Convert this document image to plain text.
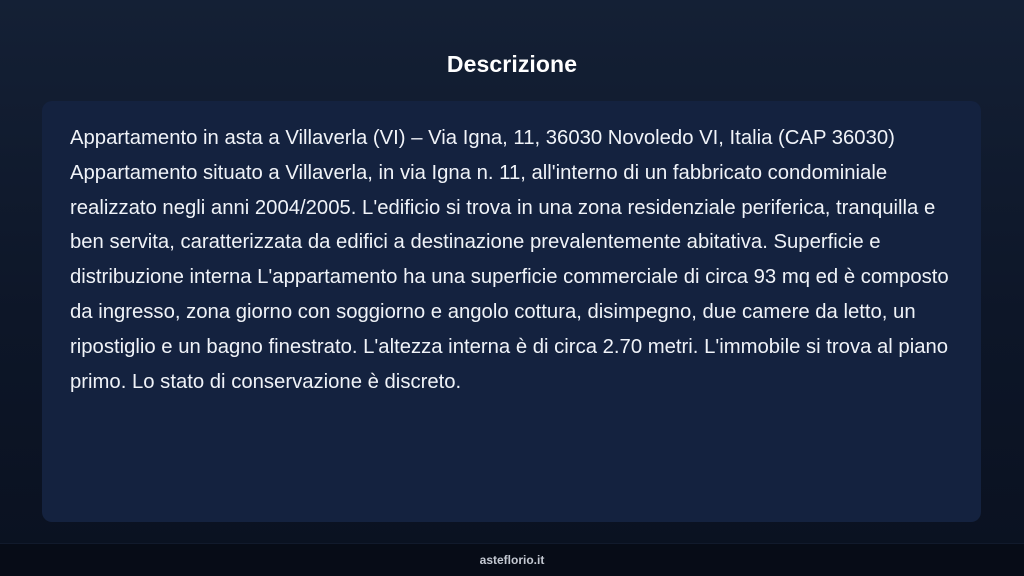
Descrizione

Appartamento in asta a Villaverla (VI) – Via Igna, 11, 36030 Novoledo VI, Italia (CAP 36030) Appartamento situato a Villaverla, in via Igna n. 11, all'interno di un fabbricato condominiale realizzato negli anni 2004/2005. L'edificio si trova in una zona residenziale periferica, tranquilla e ben servita, caratterizzata da edifici a destinazione prevalentemente abitativa. Superficie e distribuzione interna L'appartamento ha una superficie commerciale di circa 93 mq ed è composto da ingresso, zona giorno con soggiorno e angolo cottura, disimpegno, due camere da letto, un ripostiglio e un bagno finestrato. L'altezza interna è di circa 2.70 metri. L'immobile si trova al piano primo. Lo stato di conservazione è discreto.

asteflorio.it
